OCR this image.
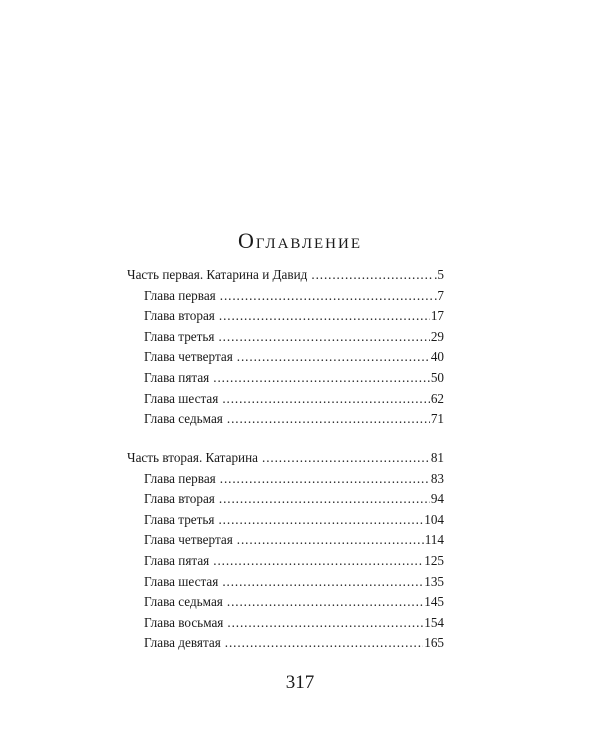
Оглавление
Часть первая. Катарина и Давид . . .	.5
Глава первая . . .	.7
Глава вторая . . .	17
Глава третья . . .	29
Глава четвертая . . .	40
Глава пятая . . .	50
Глава шестая . . .	62
Глава седьмая . . .	71
Часть вторая. Катарина . . .	81
Глава первая . . .	83
Глава вторая . . .	94
Глава третья . . .	104
Глава четвертая . . .	114
Глава пятая . . .	125
Глава шестая . . .	135
Глава седьмая . . .	145
Глава восьмая . . .	154
Глава девятая . . .	165
317
